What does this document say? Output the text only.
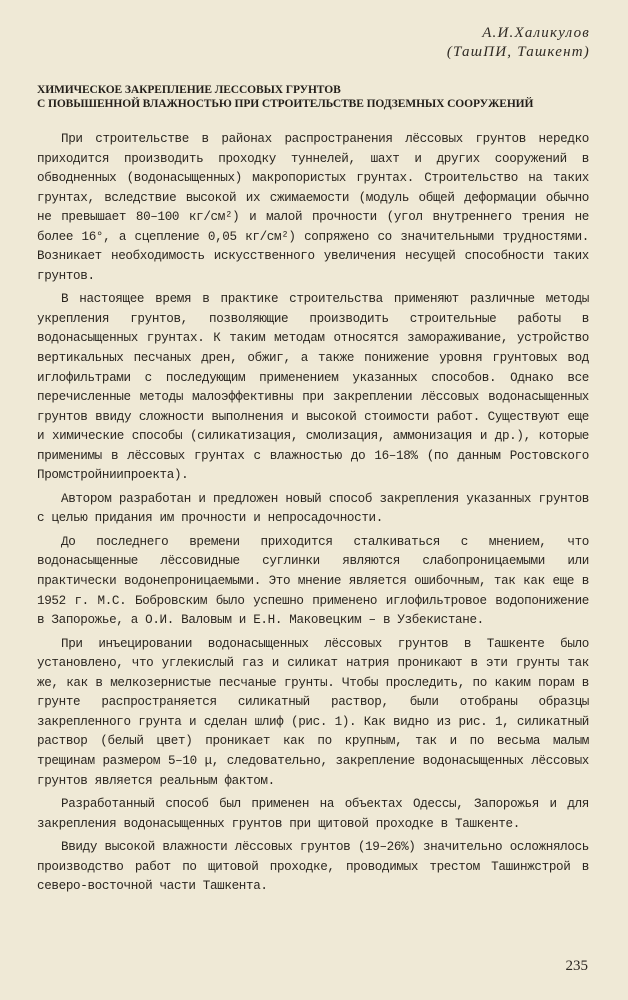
А.И.Халикулов
(ТашПИ, Ташкент)
ХИМИЧЕСКОЕ ЗАКРЕПЛЕНИЕ ЛЕССОВЫХ ГРУНТОВ
С ПОВЫШЕННОЙ ВЛАЖНОСТЬЮ ПРИ СТРОИТЕЛЬСТВЕ ПОДЗЕМНЫХ СООРУЖЕНИЙ

При строительстве в районах распространения лёссовых грунтов нередко приходится производить проходку туннелей, шахт и других сооружений в обводненных (водонасыщенных) макропористых грунтах. Строительство на таких грунтах, вследствие высокой их сжимаемости (модуль общей деформации обычно не превышает 80–100 кг/см²) и малой прочности (угол внутреннего трения не более 16°, а сцепление 0,05 кг/см²) сопряжено со значительными трудностями. Возникает необходимость искусственного увеличения несущей способности таких грунтов.

В настоящее время в практике строительства применяют различные методы укрепления грунтов, позволяющие производить строительные работы в водонасыщенных грунтах. К таким методам относятся замораживание, устройство вертикальных песчаных дрен, обжиг, а также понижение уровня грунтовых вод иглофильтрами с последующим применением указанных способов. Однако все перечисленные методы малоэффективны при закреплении лёссовых водонасыщенных грунтов ввиду сложности выполнения и высокой стоимости работ. Существуют еще и химические способы (силикатизация, смолизация, аммонизация и др.), которые применимы в лёссовых грунтах с влажностью до 16–18% (по данным Ростовского Промстройниипроекта).

Автором разработан и предложен новый способ закрепления указанных грунтов с целью придания им прочности и непросадочности.

До последнего времени приходится сталкиваться с мнением, что водонасыщенные лёссовидные суглинки являются слабопроницаемыми или практически водонепроницаемыми. Это мнение является ошибочным, так как еще в 1952 г. М.С. Бобровским было успешно применено иглофильтровое водопонижение в Запорожье, а О.И. Валовым и Е.Н. Маковецким – в Узбекистане.

При инъецировании водонасыщенных лёссовых грунтов в Ташкенте было установлено, что углекислый газ и силикат натрия проникают в эти грунты так же, как в мелкозернистые песчаные грунты. Чтобы проследить, по каким порам в грунте распространяется силикатный раствор, были отобраны образцы закрепленного грунта и сделан шлиф (рис. 1). Как видно из рис. 1, силикатный раствор (белый цвет) проникает как по крупным, так и по весьма малым трещинам размером 5–10 μ, следовательно, закрепление водонасыщенных лёссовых грунтов является реальным фактом.

Разработанный способ был применен на объектах Одессы, Запорожья и для закрепления водонасыщенных грунтов при щитовой проходке в Ташкенте.

Ввиду высокой влажности лёссовых грунтов (19–26%) значительно осложнялось производство работ по щитовой проходке, проводимых трестом Ташинжстрой в северо-восточной части Ташкента.

235
